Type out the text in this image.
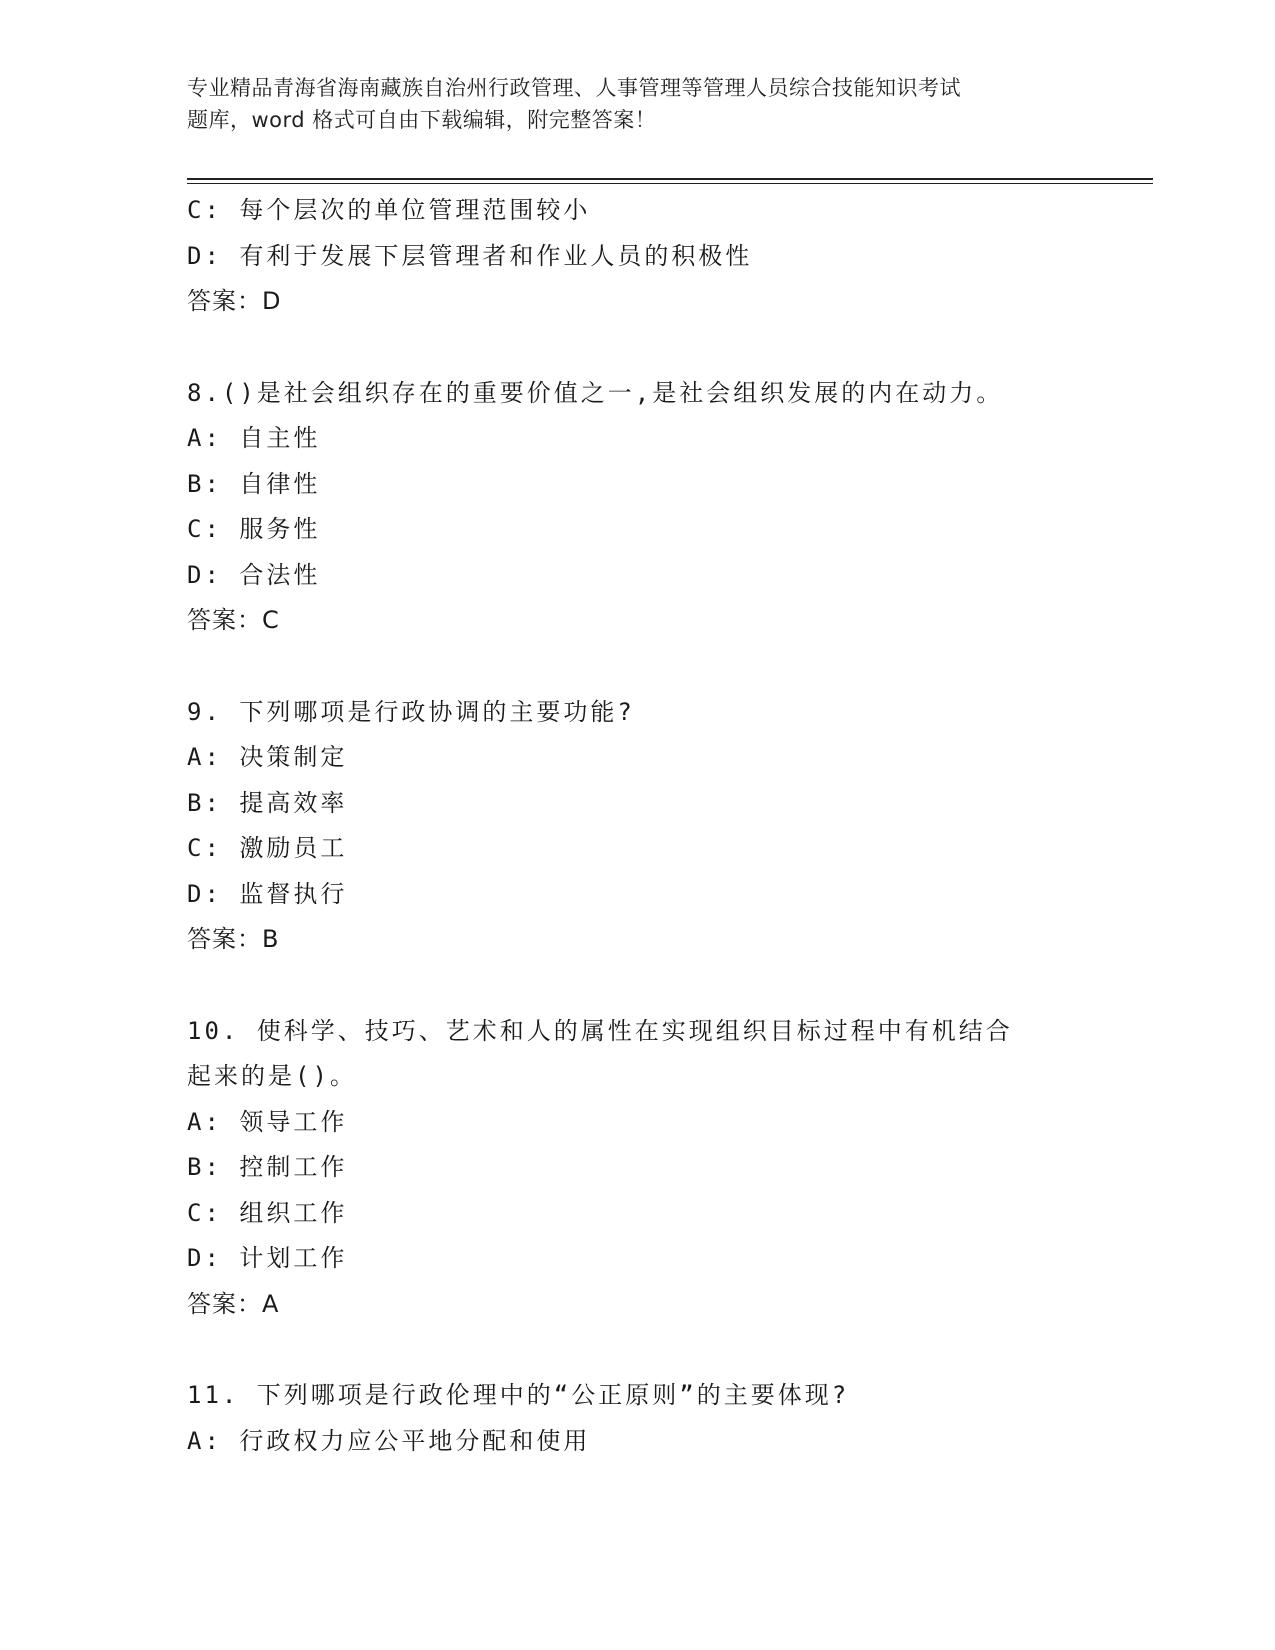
专业精品青海省海南藏族自治州行政管理、人事管理等管理人员综合技能知识考试
题库，word 格式可自由下载编辑，附完整答案！
C: 每个层次的单位管理范围较小
D: 有利于发展下层管理者和作业人员的积极性
答案：D
8.()是社会组织存在的重要价值之一,是社会组织发展的内在动力。
A: 自主性
B: 自律性
C: 服务性
D: 合法性
答案：C
9. 下列哪项是行政协调的主要功能?
A: 决策制定
B: 提高效率
C: 激励员工
D: 监督执行
答案：B
10. 使科学、技巧、艺术和人的属性在实现组织目标过程中有机结合
起来的是()。
A: 领导工作
B: 控制工作
C: 组织工作
D: 计划工作
答案：A
11. 下列哪项是行政伦理中的“公正原则”的主要体现?
A: 行政权力应公平地分配和使用
